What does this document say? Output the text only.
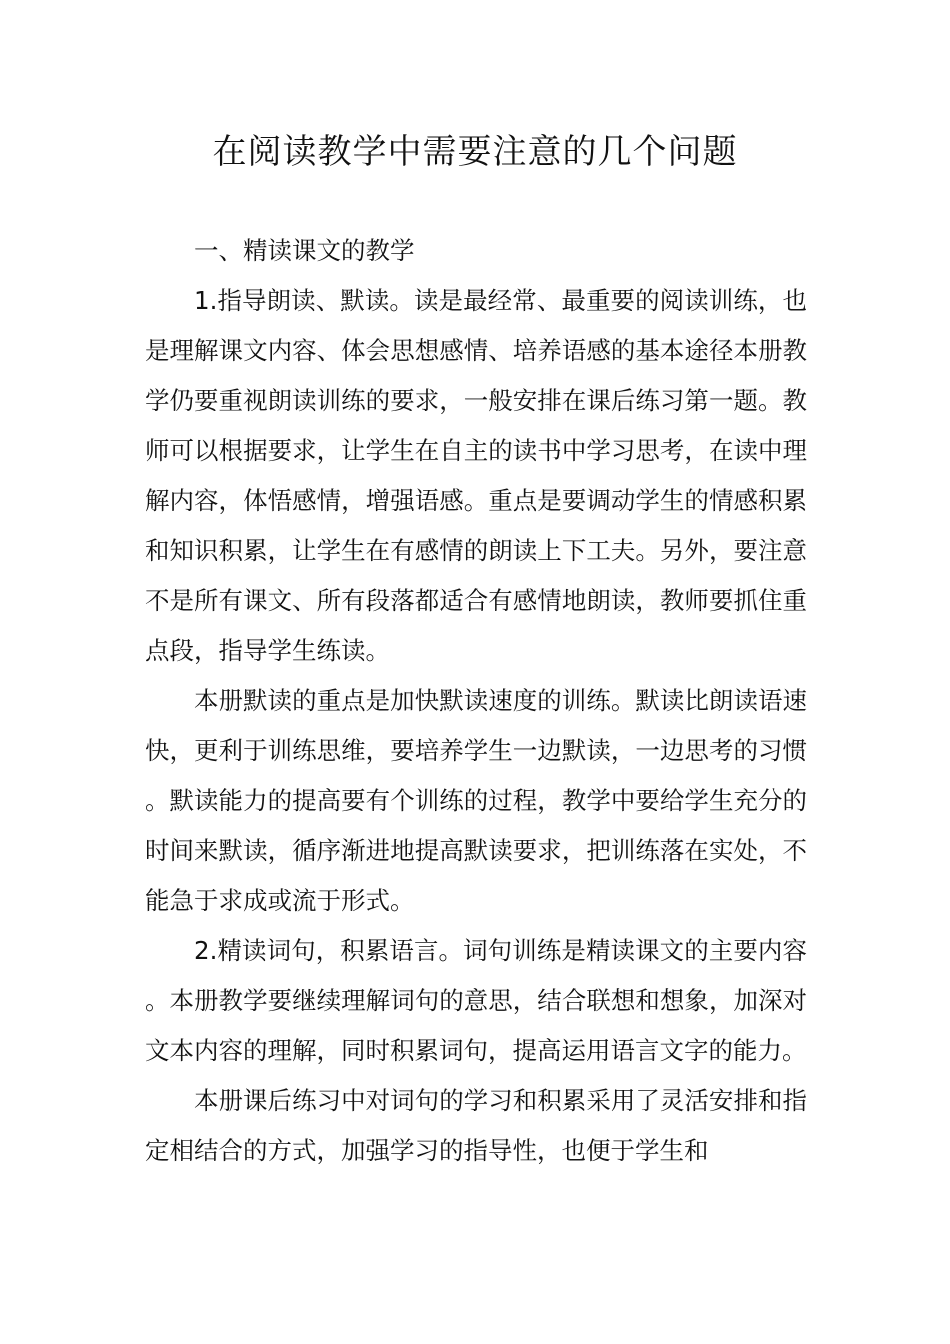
在阅读教学中需要注意的几个问题

一、精读课文的教学

1.指导朗读、默读。读是最经常、最重要的阅读训练，也是理解课文内容、体会思想感情、培养语感的基本途径本册教学仍要重视朗读训练的要求，一般安排在课后练习第一题。教师可以根据要求，让学生在自主的读书中学习思考，在读中理解内容，体悟感情，增强语感。重点是要调动学生的情感积累和知识积累，让学生在有感情的朗读上下工夫。另外，要注意不是所有课文、所有段落都适合有感情地朗读，教师要抓住重点段，指导学生练读。

本册默读的重点是加快默读速度的训练。默读比朗读语速快，更利于训练思维，要培养学生一边默读，一边思考的习惯。默读能力的提高要有个训练的过程，教学中要给学生充分的时间来默读，循序渐进地提高默读要求，把训练落在实处，不能急于求成或流于形式。

2.精读词句，积累语言。词句训练是精读课文的主要内容。本册教学要继续理解词句的意思，结合联想和想象，加深对文本内容的理解，同时积累词句，提高运用语言文字的能力。

本册课后练习中对词句的学习和积累采用了灵活安排和指定相结合的方式，加强学习的指导性，也便于学生和
